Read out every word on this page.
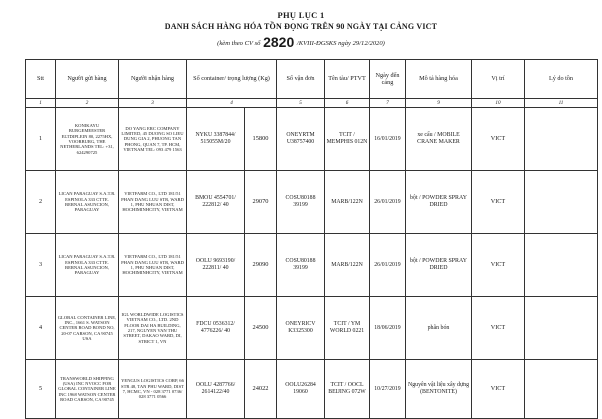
PHỤ LỤC 1
DANH SÁCH HÀNG HÓA TỒN ĐỌNG TRÊN 90 NGÀY TẠI CẢNG VICT
(kèm theo CV số 2820 /KVIII-ĐGSKS ngày 29/12/2020)
Stt	Người gửi hàng	Người nhận hàng	Số container/ trọng lượng (Kg)		Số vận đơn	Tên tàu/ PTVT	Ngày đến cảng	Mô tả hàng hóa	Vị trí	Lý do tồn
1	2	3	4		5	6	7	9	10	11
1	KONIKAYU BURGEMEESTER ELTDIPLEIN 80, 2275HX, VOORBURG, THE NETHERLANDS TEL: +31, 624290725	DO YANG ERC COMPANY LIMITED, 45 DUONG SO LIEU DUNG GIA 2, PHUONG TAN PHONG, QUAN 7, TP. HCM, VIETNAM TEL: 093 479 1563	NYKU 3387844/ 515055M/20	15800	ONEYRTM U38757400	TCIT / MEMPHIS 012N	16/01/2019	xe cẩu / MOBILE CRANE MAKER	VICT	
2	LICAN PARAGUAY S.A.T.R. ESPINOLA 333 CTTE. BERNAL ASUNCION, PARAGUAY	VIETFARM CO., LTD 181/51 PHAN DANG LUU STR, WARD 1, PHU NHUAN DIST, HOCHIMINHCITY, VIETNAM	BMOU 4554701/ 222812/ 40	29070	COSU80188 39199	MARB/122N	26/01/2019	bột / POWDER SPRAY DRIED	VICT	
3	LICAN PARAGUAY S.A.T.R. ESPINOLA 333 CTTE. BERNAL ASUNCION, PARAGUAY	VIETFARM CO., LTD 181/51 PHAN DANG LUU STR, WARD 1, PHU NHUAN DIST, HOCHIMINHCITY, VIETNAM	OOLU 9693190/ 222811/ 40	29090	COSU80188 39199	MARB/122N	26/01/2019	bột / POWDER SPRAY DRIED	VICT	
4	GLOBAL CONTAINER LINE, INC., 1661 S. WATSON CENTER ROAD BOND NO, 20-07 CARSON, CA 90745 USA	IGL WORLDWIDE LOGISTICS VIETNAM CO., LTD. 2ND FLOOR DAI HA BUILDING, 217, NGUYEN VAN THU STREET, DAKAO WARD, DI, STRICT 1, VN	FDCU 0536312/ 4776226/ 40	24500	ONEYRICV K3325300	TCIT / YM WORLD 0221	18/06/2019	phân bón	VICT	
5	TRANSWORLD SHIPPING (USA) INC NVOCC FOR GLOBAL CONTAINER LINE INC 1968 WATSON CENTER ROAD CARSON, CA 90745	YENGUS LOGISTICS CORP, 66 STR 48, TAN PHU WARD, DIST 7, HCMC, VN - 028 3771 0736/ 028 3771 0566	OOLU 4287766/ 2614122/40	24022	OOLU26284 19060	TCIT / OOCL BEIJING 072W	10/27/2019	Nguyên vật liệu xây dựng (BENTONITE)	VICT	
